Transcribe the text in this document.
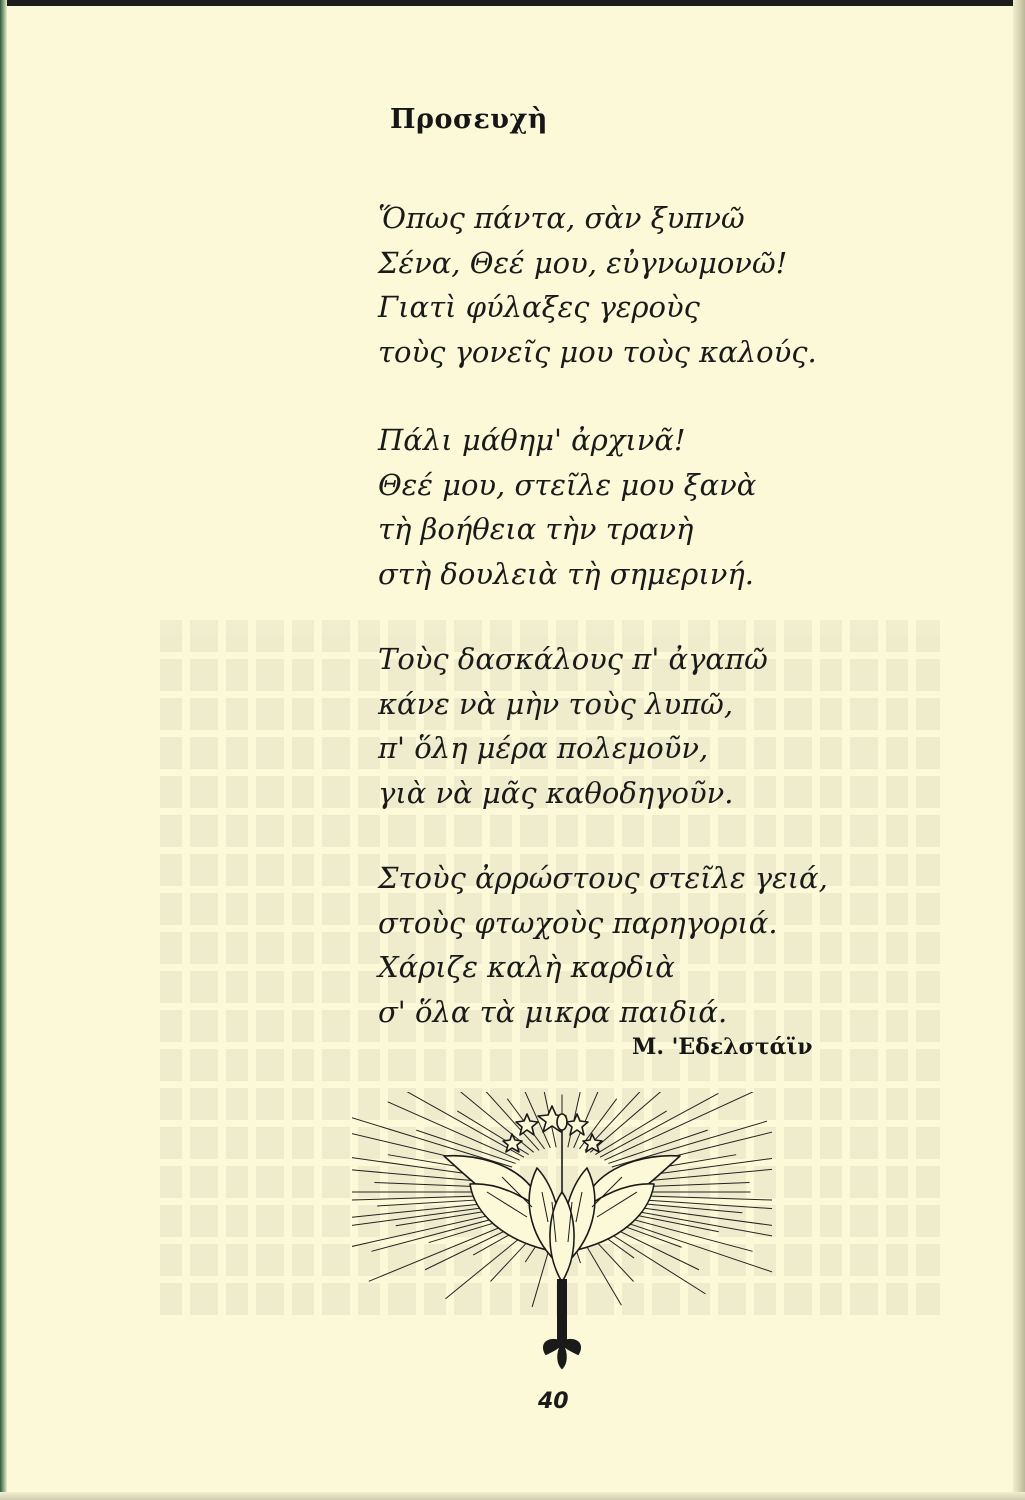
Προσευχὴ
Ὅπως πάντα, σὰν ξυπνῶ
Σένα, Θεέ μου, εὐγνωμονῶ!
Γιατὶ φύλαξες γεροὺς
τοὺς γονεῖς μου τοὺς καλούς.
Πάλι μάθημ' ἀρχινᾶ!
Θεέ μου, στεῖλε μου ξανὰ
τὴ βοήθεια τὴν τρανὴ
στὴ δουλειὰ τὴ σημερινή.
Τοὺς δασκάλους π' ἀγαπῶ
κάνε νὰ μὴν τοὺς λυπῶ,
π' ὅλη μέρα πολεμοῦν,
γιὰ νὰ μᾶς καθοδηγοῦν.
Στοὺς ἀρρώστους στεῖλε γειά,
στοὺς φτωχοὺς παρηγοριά.
Χάριζε καλὴ καρδιὰ
σ' ὅλα τὰ μικρα παιδιά.
Μ. 'Εδελστάϊν
40
